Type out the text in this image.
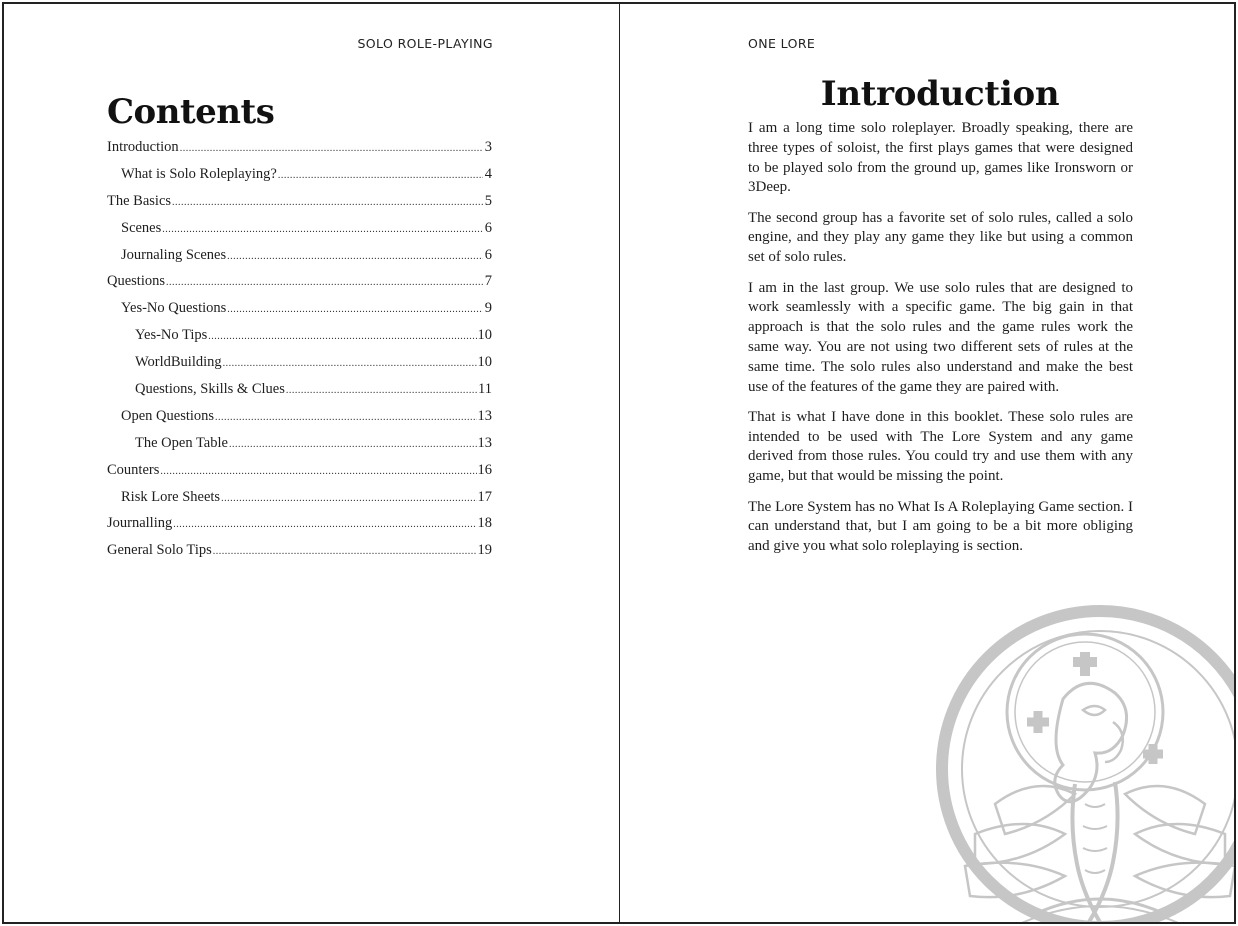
SOLO ROLE-PLAYING
Contents
Introduction .....	3
What is Solo Roleplaying? .....	4
The Basics .....	5
Scenes .....	6
Journaling Scenes .....	6
Questions .....	7
Yes-No Questions .....	9
Yes-No Tips .....	10
WorldBuilding .....	10
Questions, Skills & Clues .....	11
Open Questions .....	13
The Open Table .....	13
Counters .....	16
Risk Lore Sheets .....	17
Journalling .....	18
General Solo Tips .....	19
ONE LORE
Introduction

I am a long time solo roleplayer. Broadly speaking, there are three types of soloist, the first plays games that were designed to be played solo from the ground up, games like Ironsworn or 3Deep.

The second group has a favorite set of solo rules, called a solo engine, and they play any game they like but using a common set of solo rules.

I am in the last group. We use solo rules that are designed to work seamlessly with a specific game. The big gain in that approach is that the solo rules and the game rules work the same way. You are not using two different sets of rules at the same time. The solo rules also understand and make the best use of the features of the game they are paired with.

That is what I have done in this booklet. These solo rules are intended to be used with The Lore System and any game derived from those rules. You could try and use them with any game, but that would be missing the point.

The Lore System has no What Is A Roleplaying Game section. I can understand that, but I am going to be a bit more obliging and give you what solo roleplaying is section.
